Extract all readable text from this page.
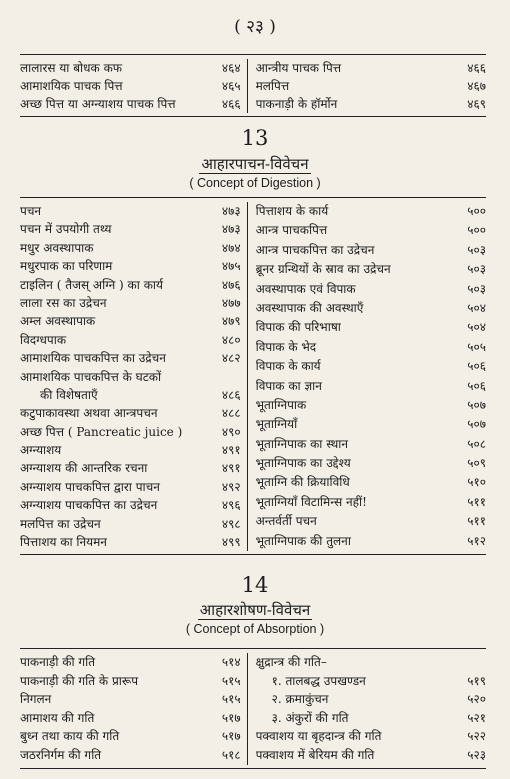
( २३ )
लालारस या बोधक कफ	४६४
आमाशयिक पाचक पित्त	४६५
अच्छ पित्त या अग्न्याशय पाचक पित्त	४६६
आन्त्रीय पाचक पित्त	४६६
मलपित्त	४६७
पाकनाड़ी के हॉर्मोन	४६९
13
आहारपाचन-विवेचन
( Concept of Digestion )
पचन	४७३
पचन में उपयोगी तथ्य	४७३
मधुर अवस्थापाक	४७४
मधुरपाक का परिणाम	४७५
टाइलिन ( तैजस् अग्नि ) का कार्य	४७६
लाला रस का उद्रेचन	४७७
अम्ल अवस्थापाक	४७९
विदग्धपाक	४८०
आमाशयिक पाचकपित्त का उद्रेचन	४८२
आमाशयिक पाचकपित्त के घटकों
की विशेषताएँ	४८६
कटुपाकावस्था अथवा आन्त्रपचन	४८८
अच्छ पित्त ( Pancreatic juice )	४९०
अग्न्याशय	४९१
अग्न्याशय की आन्तरिक रचना	४९१
अग्न्याशय पाचकपित्त द्वारा पाचन	४९२
अग्न्याशय पाचकपित्त का उद्रेचन	४९६
मलपित्त का उद्रेचन	४९८
पित्ताशय का नियमन	४९९
पित्ताशय के कार्य	५००
आन्त्र पाचकपित्त	५००
आन्त्र पाचकपित्त का उद्रेचन	५०३
ब्रूनर ग्रन्थियों के स्राव का उद्रेचन	५०३
अवस्थापाक एवं विपाक	५०३
अवस्थापाक की अवस्थाएँ	५०४
विपाक की परिभाषा	५०४
विपाक के भेद	५०५
विपाक के कार्य	५०६
विपाक का ज्ञान	५०६
भूताग्निपाक	५०७
भूताग्नियाँ	५०७
भूताग्निपाक का स्थान	५०८
भूताग्निपाक का उद्देश्य	५०९
भूताग्नि की क्रियाविधि	५१०
भूताग्नियाँ विटामिन्स नहीं!	५११
अन्तर्वर्ती पचन	५११
भूताग्निपाक की तुलना	५१२
14
आहारशोषण-विवेचन
( Concept of Absorption )
पाकनाड़ी की गति	५१४
पाकनाड़ी की गति के प्रारूप	५१५
निगलन	५१५
आमाशय की गति	५१७
बुध्न तथा काय की गति	५१७
जठरनिर्गम की गति	५१८
क्षुद्रान्त्र की गति–
१. तालबद्ध उपखण्डन	५१९
२. क्रमाकुंचन	५२०
३. अंकुरों की गति	५२१
पक्वाशय या बृहदान्त्र की गति	५२२
पक्वाशय में बेरियम की गति	५२३
